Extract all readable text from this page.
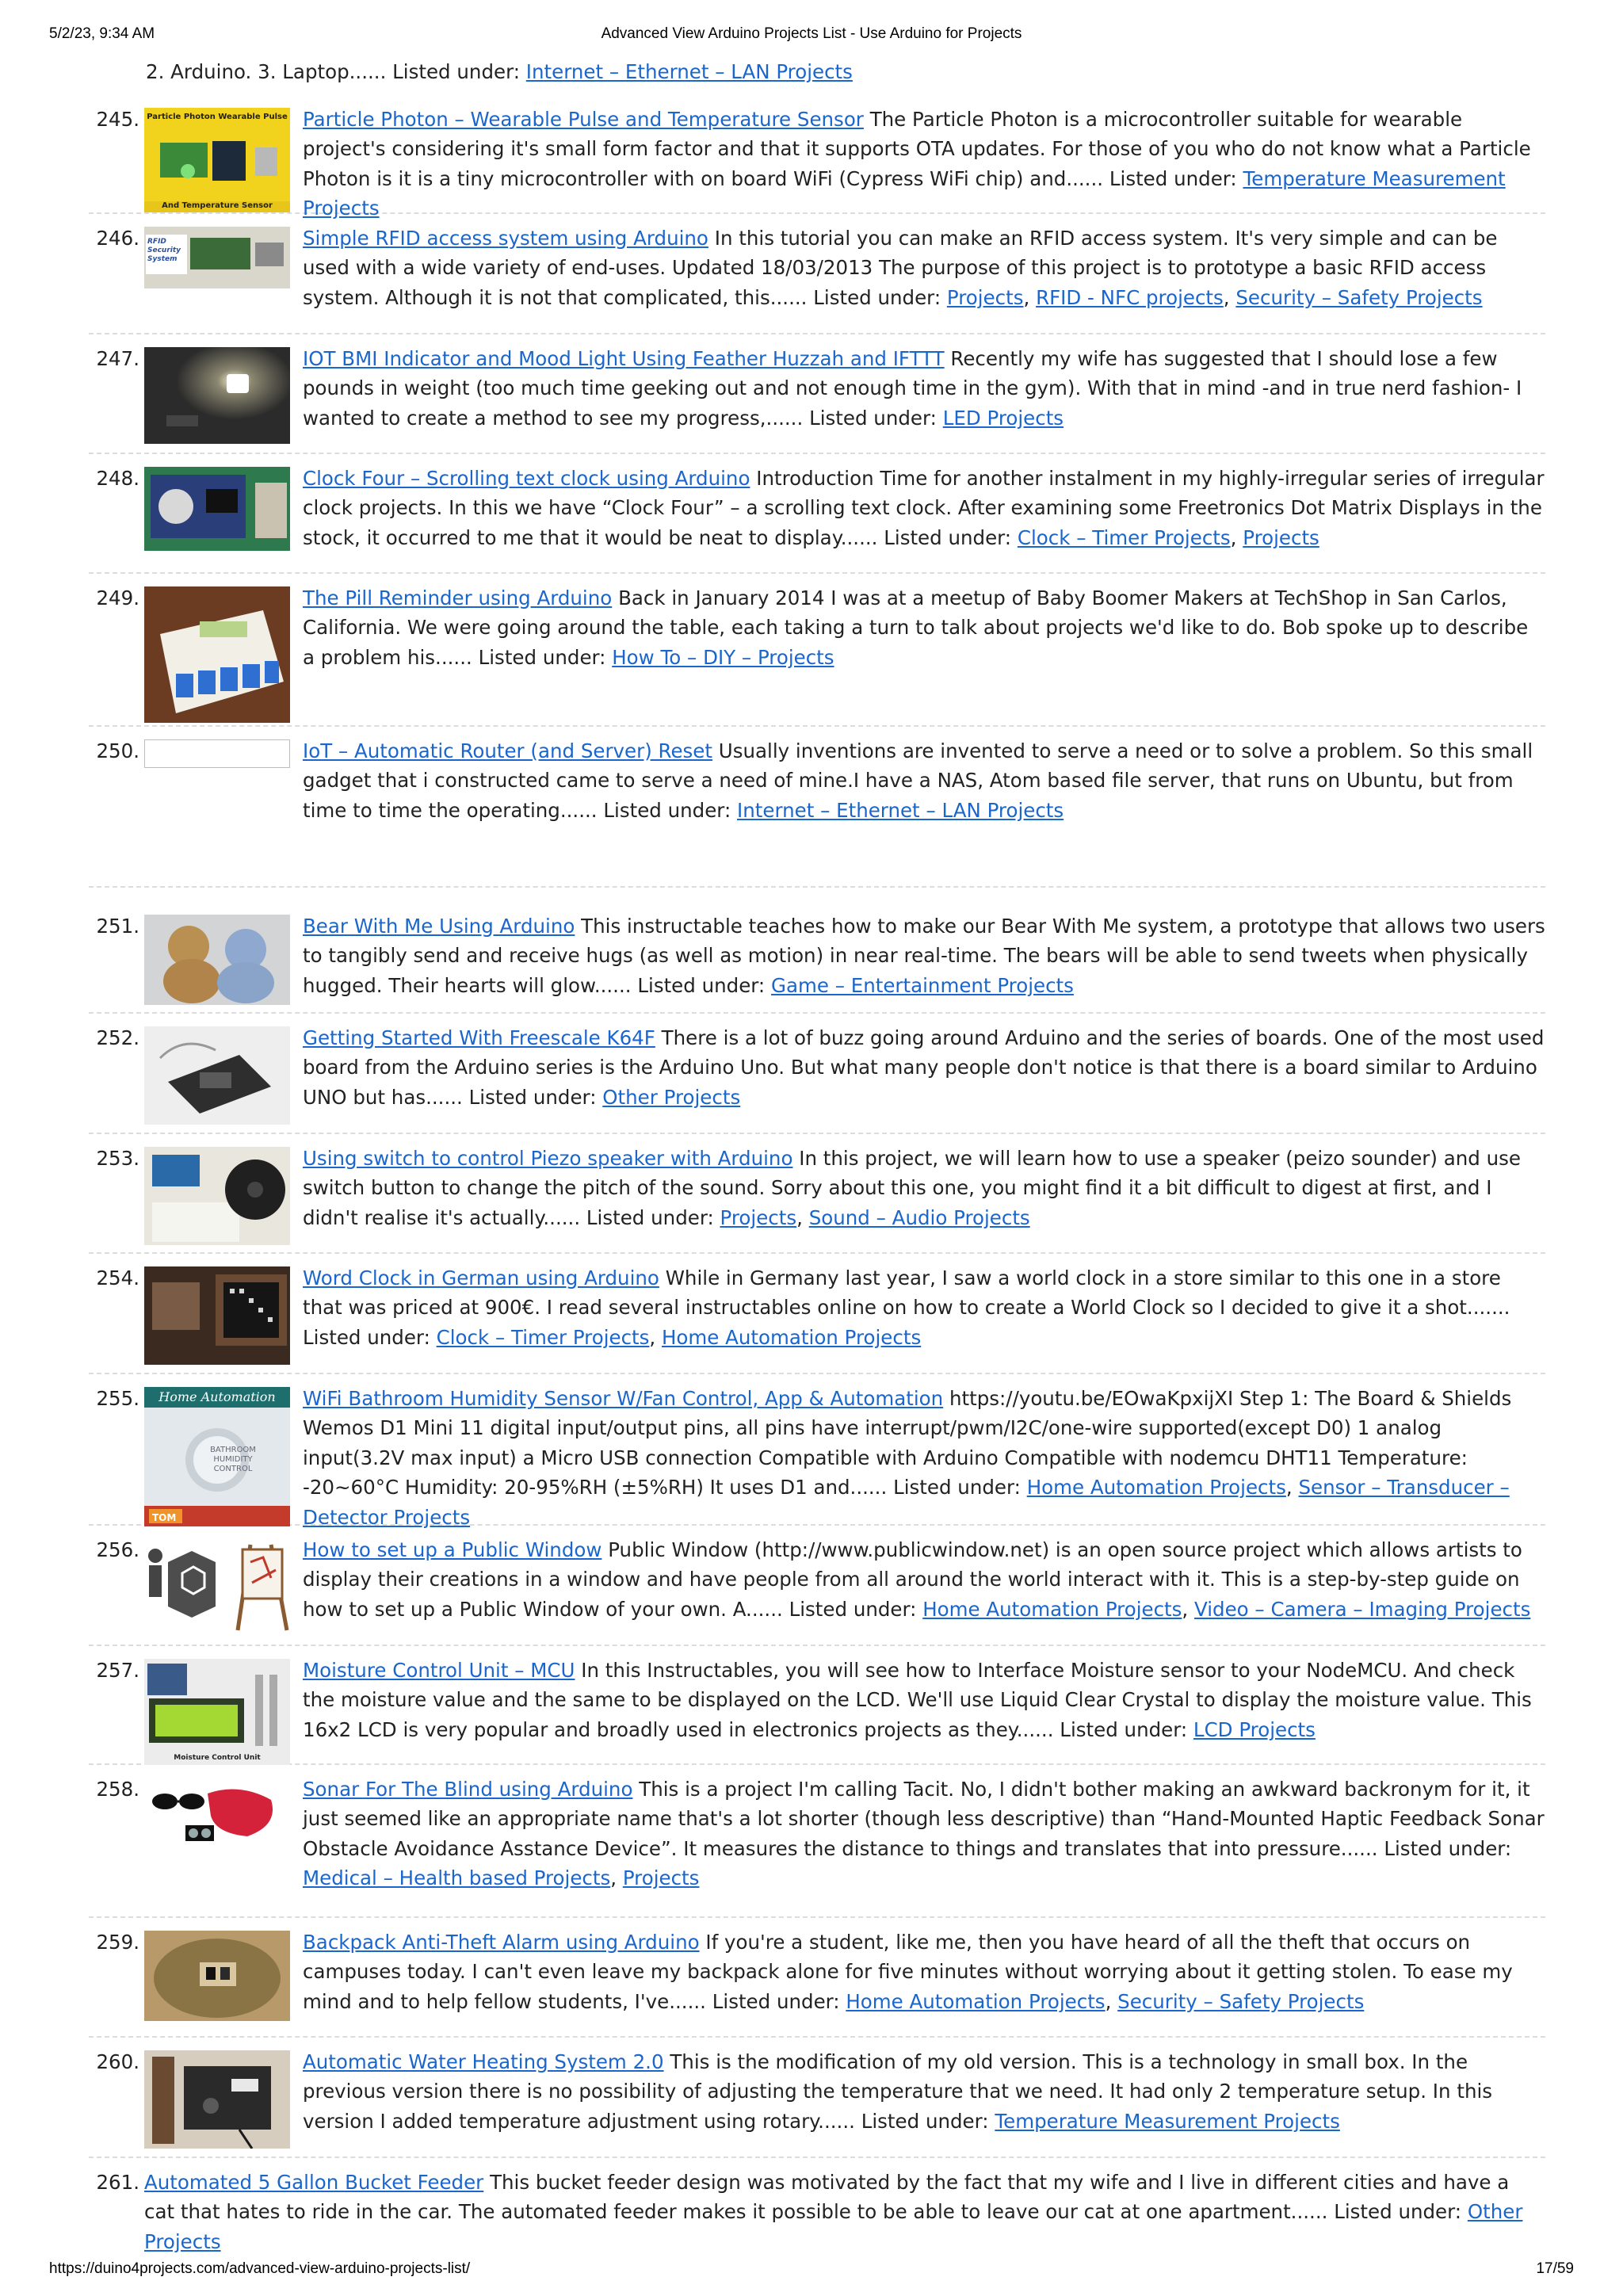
5/2/23, 9:34 AM	Advanced View Arduino Projects List - Use Arduino for Projects
2. Arduino. 3. Laptop...... Listed under: Internet – Ethernet – LAN Projects
245. Particle Photon Wearable Pulse
And Temperature Sensor
Particle Photon – Wearable Pulse and Temperature Sensor The Particle Photon is a microcontroller suitable for wearable project's considering it's small form factor and that it supports OTA updates. For those of you who do not know what a Particle Photon is it is a tiny microcontroller with on board WiFi (Cypress WiFi chip) and...... Listed under: Temperature Measurement Projects
246. RFID Security System
Simple RFID access system using Arduino In this tutorial you can make an RFID access system. It's very simple and can be used with a wide variety of end-uses. Updated 18/03/2013 The purpose of this project is to prototype a basic RFID access system. Although it is not that complicated, this...... Listed under: Projects, RFID - NFC projects, Security – Safety Projects
247.	IOT BMI Indicator and Mood Light Using Feather Huzzah and IFTTT Recently my wife has suggested that I should lose a few pounds in weight (too much time geeking out and not enough time in the gym). With that in mind -and in true nerd fashion- I wanted to create a method to see my progress,...... Listed under: LED Projects
248.	Clock Four – Scrolling text clock using Arduino Introduction Time for another instalment in my highly-irregular series of irregular clock projects. In this we have “Clock Four” – a scrolling text clock. After examining some Freetronics Dot Matrix Displays in the stock, it occurred to me that it would be neat to display...... Listed under: Clock – Timer Projects, Projects
249.	The Pill Reminder using Arduino Back in January 2014 I was at a meetup of Baby Boomer Makers at TechShop in San Carlos, California. We were going around the table, each taking a turn to talk about projects we'd like to do. Bob spoke up to describe a problem his...... Listed under: How To – DIY – Projects
250.	IoT – Automatic Router (and Server) Reset Usually inventions are invented to serve a need or to solve a problem. So this small gadget that i constructed came to serve a need of mine.I have a NAS, Atom based file server, that runs on Ubuntu, but from time to time the operating...... Listed under: Internet – Ethernet – LAN Projects
251.	Bear With Me Using Arduino This instructable teaches how to make our Bear With Me system, a prototype that allows two users to tangibly send and receive hugs (as well as motion) in near real-time. The bears will be able to send tweets when physically hugged. Their hearts will glow...... Listed under: Game – Entertainment Projects
252.	Getting Started With Freescale K64F There is a lot of buzz going around Arduino and the series of boards. One of the most used board from the Arduino series is the Arduino Uno. But what many people don't notice is that there is a board similar to Arduino UNO but has...... Listed under: Other Projects
253.	Using switch to control Piezo speaker with Arduino In this project, we will learn how to use a speaker (peizo sounder) and use switch button to change the pitch of the sound. Sorry about this one, you might find it a bit difficult to digest at first, and I didn't realise it's actually...... Listed under: Projects, Sound – Audio Projects
254.	Word Clock in German using Arduino While in Germany last year, I saw a world clock in a store similar to this one in a store that was priced at 900€. I read several instructables online on how to create a World Clock so I decided to give it a shot....... Listed under: Clock – Timer Projects, Home Automation Projects
255.	Home Automation
BATHROOM HUMIDITY CONTROL
TOM
WiFi Bathroom Humidity Sensor W/Fan Control, App & Automation https://youtu.be/EOwaKpxijXI Step 1: The Board & Shields Wemos D1 Mini 11 digital input/output pins, all pins have interrupt/pwm/I2C/one-wire supported(except D0) 1 analog input(3.2V max input) a Micro USB connection Compatible with Arduino Compatible with nodemcu DHT11 Temperature: -20~60°C Humidity: 20-95%RH (±5%RH) It uses D1 and...... Listed under: Home Automation Projects, Sensor – Transducer – Detector Projects
256.	How to set up a Public Window Public Window (http://www.publicwindow.net) is an open source project which allows artists to display their creations in a window and have people from all around the world interact with it. This is a step-by-step guide on how to set up a Public Window of your own. A...... Listed under: Home Automation Projects, Video – Camera – Imaging Projects
257.
Moisture Control Unit
Moisture Control Unit – MCU In this Instructables, you will see how to Interface Moisture sensor to your NodeMCU. And check the moisture value and the same to be displayed on the LCD. We'll use Liquid Clear Crystal to display the moisture value. This 16x2 LCD is very popular and broadly used in electronics projects as they...... Listed under: LCD Projects
258.	Sonar For The Blind using Arduino This is a project I'm calling Tacit. No, I didn't bother making an awkward backronym for it, it just seemed like an appropriate name that's a lot shorter (though less descriptive) than “Hand-Mounted Haptic Feedback Sonar Obstacle Avoidance Asstance Device”. It measures the distance to things and translates that into pressure...... Listed under: Medical – Health based Projects, Projects
259.	Backpack Anti-Theft Alarm using Arduino If you're a student, like me, then you have heard of all the theft that occurs on campuses today. I can't even leave my backpack alone for five minutes without worrying about it getting stolen. To ease my mind and to help fellow students, I've...... Listed under: Home Automation Projects, Security – Safety Projects
260.	Automatic Water Heating System 2.0 This is the modification of my old version. This is a technology in small box. In the previous version there is no possibility of adjusting the temperature that we need. It had only 2 temperature setup. In this version I added temperature adjustment using rotary...... Listed under: Temperature Measurement Projects
261. Automated 5 Gallon Bucket Feeder This bucket feeder design was motivated by the fact that my wife and I live in different cities and have a cat that hates to ride in the car. The automated feeder makes it possible to be able to leave our cat at one apartment...... Listed under: Other Projects
https://duino4projects.com/advanced-view-arduino-projects-list/	17/59
